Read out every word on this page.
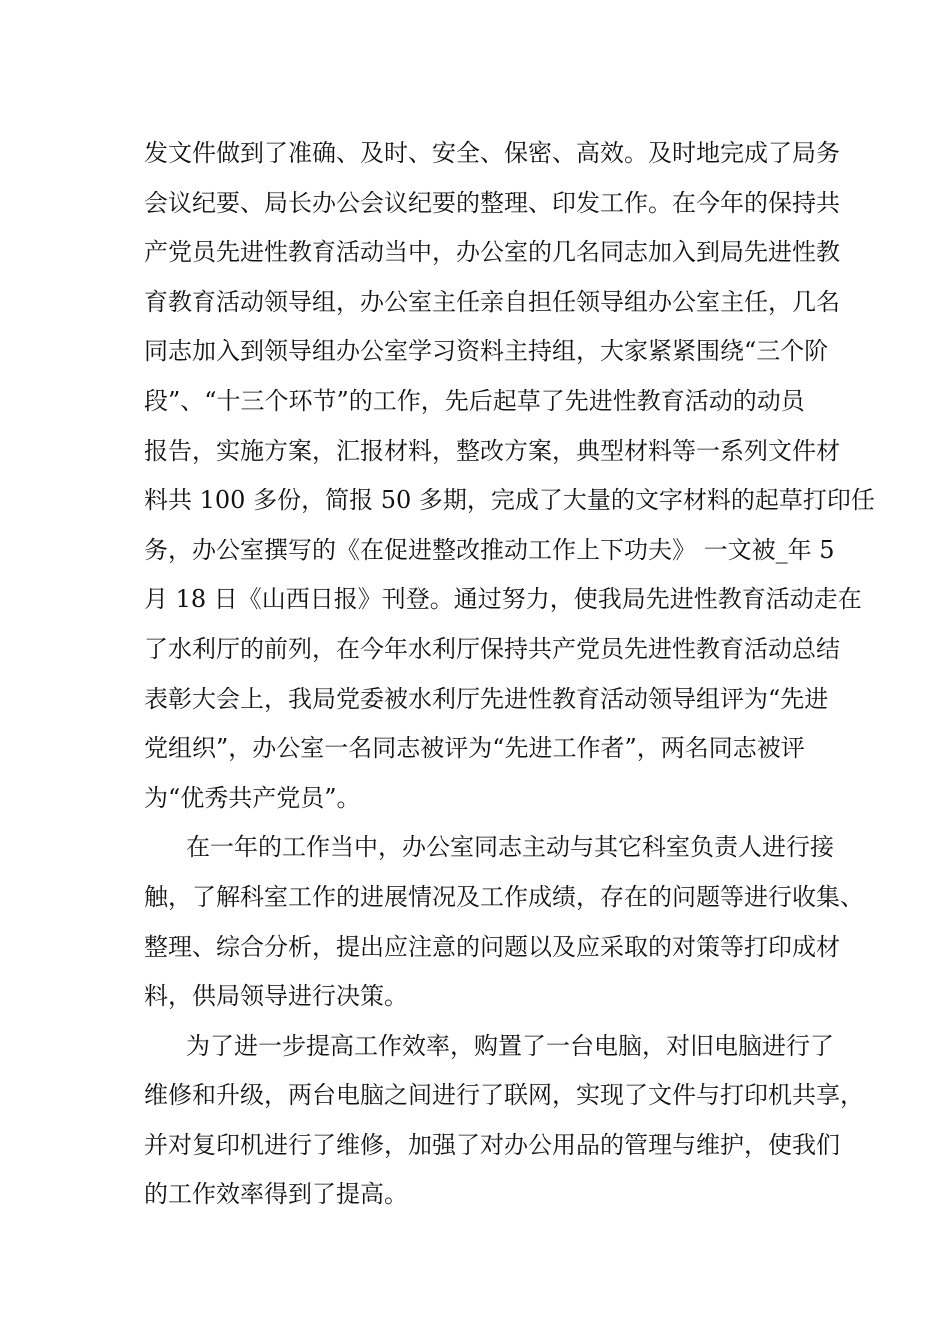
发文件做到了准确、及时、安全、保密、高效。及时地完成了局务
会议纪要、局长办公会议纪要的整理、印发工作。在今年的保持共
产党员先进性教育活动当中，办公室的几名同志加入到局先进性教
育教育活动领导组，办公室主任亲自担任领导组办公室主任，几名
同志加入到领导组办公室学习资料主持组，大家紧紧围绕“三个阶
段”、“十三个环节”的工作，先后起草了先进性教育活动的动员
报告，实施方案，汇报材料，整改方案，典型材料等一系列文件材
料共 100 多份，简报 50 多期，完成了大量的文字材料的起草打印任
务，办公室撰写的《在促进整改推动工作上下功夫》 一文被_年 5
月 18 日《山西日报》刊登。通过努力，使我局先进性教育活动走在
了水利厅的前列，在今年水利厅保持共产党员先进性教育活动总结
表彰大会上，我局党委被水利厅先进性教育活动领导组评为“先进
党组织”，办公室一名同志被评为“先进工作者”，两名同志被评
为“优秀共产党员”。
在一年的工作当中，办公室同志主动与其它科室负责人进行接
触，了解科室工作的进展情况及工作成绩，存在的问题等进行收集、
整理、综合分析，提出应注意的问题以及应采取的对策等打印成材
料，供局领导进行决策。
为了进一步提高工作效率，购置了一台电脑，对旧电脑进行了
维修和升级，两台电脑之间进行了联网，实现了文件与打印机共享，
并对复印机进行了维修，加强了对办公用品的管理与维护，使我们
的工作效率得到了提高。
